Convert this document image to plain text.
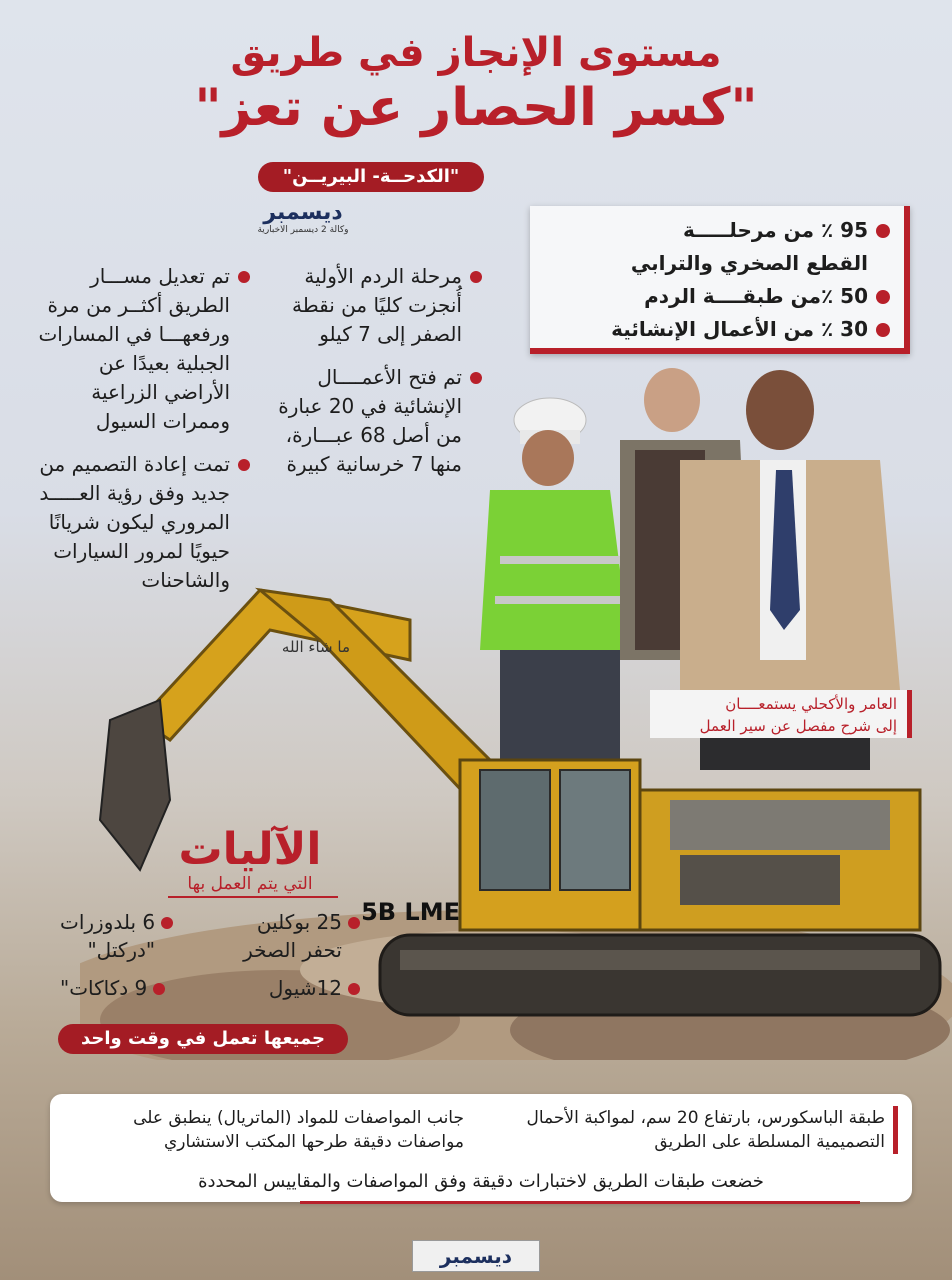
مستوى الإنجاز في طريق
"كسر الحصار عن تعز"
"الكدحــة- البيريــن"
ديسمبر
وكالة 2 ديسمبر الاخبارية	95 ٪ من مرحلـــــة
القطع الصخري والترابي
50 ٪من طبقــــة الردم
30 ٪ من الأعمال الإنشائية
مرحلة الردم الأولية أُنجزت كليًا من نقطة الصفر إلى 7 كيلو
تم فتح الأعمــــال الإنشائية في 20 عبارة من أصل 68 عبـــارة، منها 7 خرسانية كبيرة
تم تعديل مســـار الطريق أكثــر من مرة ورفعهـــا في المسارات الجبلية بعيدًا عن الأراضي الزراعية وممرات السيول
تمت إعادة التصميم من جديد وفق رؤية العـــــد المروري ليكون شريانًا حيويًا لمرور السيارات والشاحنات
5B LME
ما شاء الله
العامر والأكحلي يستمعــــان
إلى شرح مفصل عن سير العمل
الآليات
التي يتم العمل بها
25 بوكلين
تحفر الصخر
6 بلدوزرات
"دركتل"
12شيول
9 دكاكات"
جميعها تعمل في وقت واحد
طبقة الباسكورس، بارتفاع 20 سم، لمواكبة الأحمال التصميمية المسلطة على الطريق
جانب المواصفات للمواد (الماتريال) ينطبق على مواصفات دقيقة طرحها المكتب الاستشاري
خضعت طبقات الطريق لاختبارات دقيقة وفق المواصفات والمقاييس المحددة
ديسمبر
